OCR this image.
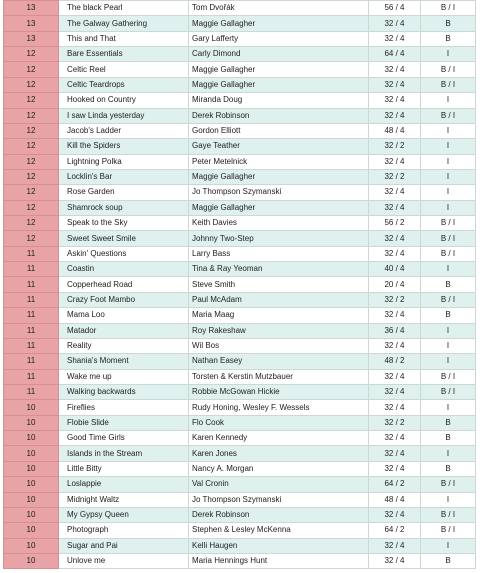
13	The black Pearl	Tom Dvořák	56 / 4	B / I
13	The Galway Gathering	Maggie Gallagher	32 / 4	B
13	This and That	Gary Lafferty	32 / 4	B
12	Bare Essentials	Carly Dimond	64 / 4	I
12	Celtic Reel	Maggie Gallagher	32 / 4	B / I
12	Celtic Teardrops	Maggie Gallagher	32 / 4	B / I
12	Hooked on Country	Miranda Doug	32 / 4	I
12	I saw Linda yesterday	Derek Robinson	32 / 4	B / I
12	Jacob's Ladder	Gordon Elliott	48 / 4	I
12	Kill the Spiders	Gaye Teather	32 / 2	I
12	Lightning Polka	Peter Metelnick	32 / 4	I
12	Locklin's Bar	Maggie Gallagher	32 / 2	I
12	Rose Garden	Jo Thompson Szymanski	32 / 4	I
12	Shamrock soup	Maggie Gallagher	32 / 4	I
12	Speak to the Sky	Keith Davies	56 / 2	B / I
12	Sweet Sweet Smile	Johnny Two-Step	32 / 4	B / I
11	Askin' Questions	Larry Bass	32 / 4	B / I
11	Coastin	Tina & Ray Yeoman	40 / 4	I
11	Copperhead Road	Steve Smith	20 / 4	B
11	Crazy Foot Mambo	Paul McAdam	32 / 2	B / I
11	Mama Loo	Maria Maag	32 / 4	B
11	Matador	Roy Rakeshaw	36 / 4	I
11	Reality	Wil Bos	32 / 4	I
11	Shania's Moment	Nathan Easey	48 / 2	I
11	Wake me up	Torsten & Kerstin Mutzbauer	32 / 4	B / I
11	Walking backwards	Robbie McGowan Hickie	32 / 4	B / I
10	Fireflies	Rudy Honing, Wesley F. Wessels	32 / 4	I
10	Flobie Slide	Flo Cook	32 / 2	B
10	Good Time Girls	Karen Kennedy	32 / 4	B
10	Islands in the Stream	Karen Jones	32 / 4	I
10	Little Bitty	Nancy A. Morgan	32 / 4	B
10	Loslappie	Val Cronin	64 / 2	B / I
10	Midnight Waltz	Jo Thompson Szymanski	48 / 4	I
10	My Gypsy Queen	Derek Robinson	32 / 4	B / I
10	Photograph	Stephen & Lesley McKenna	64 / 2	B / I
10	Sugar and Pai	Kelli Haugen	32 / 4	I
10	Unlove me	Maria Hennings Hunt	32 / 4	B
